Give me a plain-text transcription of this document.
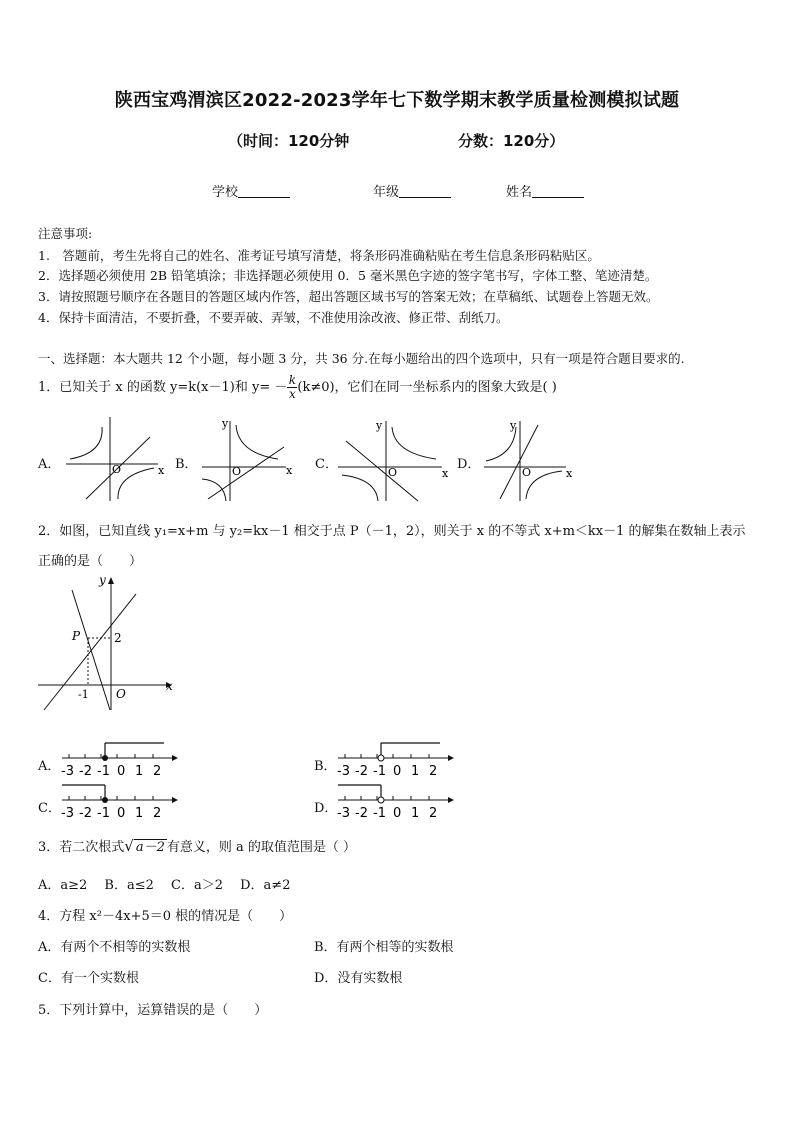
陕西宝鸡渭滨区2022-2023学年七下数学期末教学质量检测模拟试题
（时间：120分钟	分数：120分）
学校	年级	姓名
注意事项:
1.　答题前，考生先将自己的姓名、准考证号填写清楚，将条形码准确粘贴在考生信息条形码粘贴区。
2．选择题必须使用 2B 铅笔填涂；非选择题必须使用 0．5 毫米黑色字迹的签字笔书写，字体工整、笔迹清楚。
3．请按照题号顺序在各题目的答题区域内作答，超出答题区域书写的答案无效；在草稿纸、试题卷上答题无效。
4．保持卡面清洁，不要折叠，不要弄破、弄皱，不准使用涂改液、修正带、刮纸刀。
一、选择题：本大题共 12 个小题，每小题 3 分，共 36 分.在每小题给出的四个选项中，只有一项是符合题目要求的.
1．已知关于 x 的函数 y=k(x－1)和 $y= - \frac{k}{x} (k\ne 0)$，它们在同一坐标系内的图象大致是( )
A．	B．	C．	D．
O	x
y
O	x
y
O	x
y
O	x
2．如图，已知直线 y₁=x+m 与 y₂=kx－1 相交于点 P（－1，2），则关于 x 的不等式 x+m＜kx－1 的解集在数轴上表示
正确的是（　　）
P	2
-1 O
x
y
A．	B．
C．	D．
-3 -2 -1 0 1 2	-3 -2 -1 0 1 2
-3 -2 -1 0 1 2	-3 -2 -1 0 1 2
3．若二次根式√ a－2 有意义，则 a 的取值范围是（ ）
A．a≥2　 B．a≤2　 C．a＞2　 D．a≠2
4．方程 x²－4x+5＝0 根的情况是（　　）
A．有两个不相等的实数根	B．有两个相等的实数根
C．有一个实数根	D．没有实数根
5．下列计算中，运算错误的是（　　）
